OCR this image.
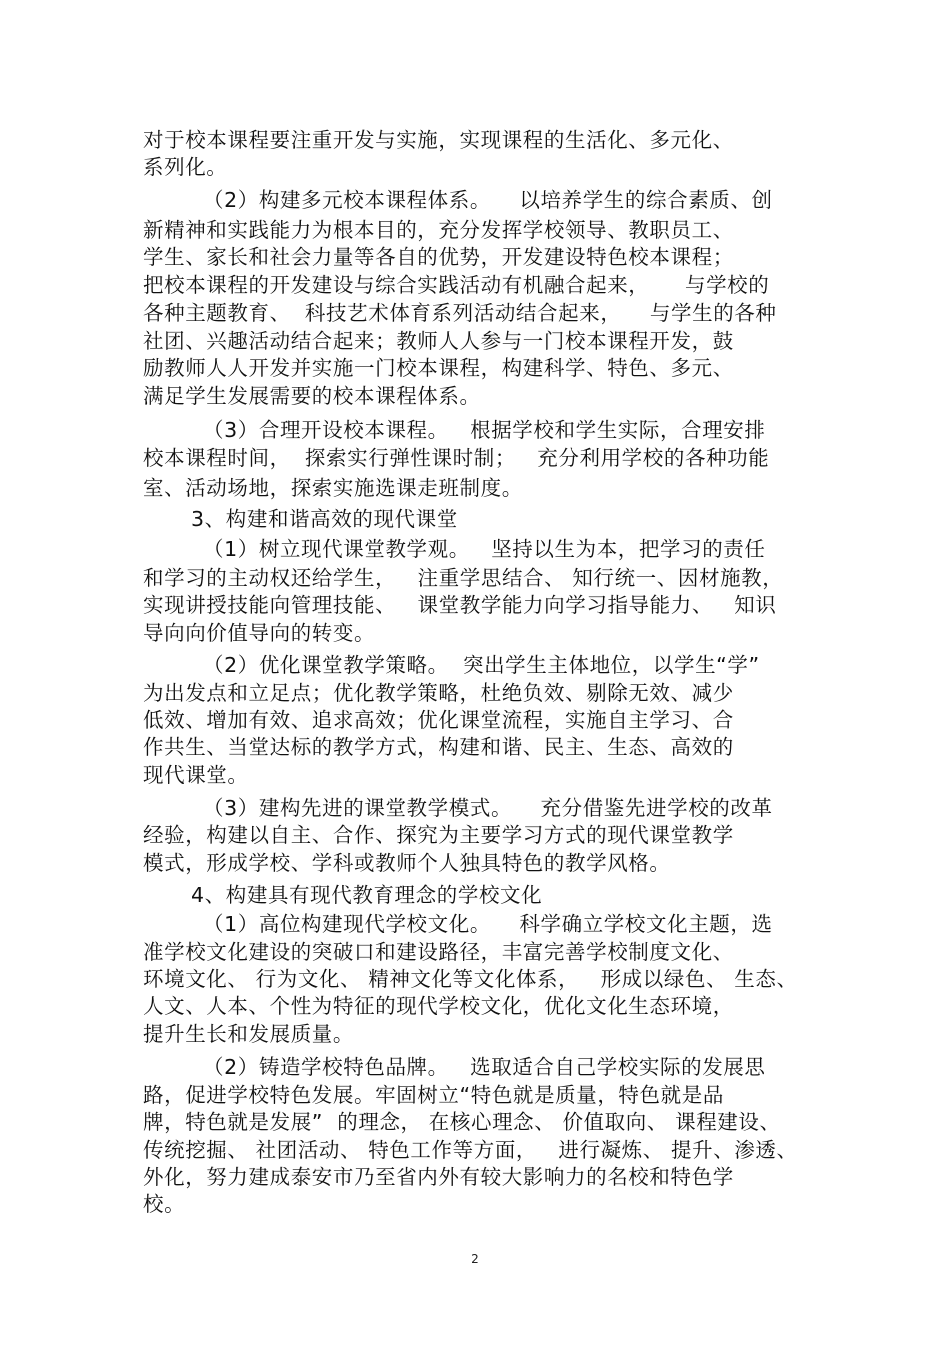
对于校本课程要注重开发与实施，实现课程的生活化、多元化、
系列化。
（2）构建多元校本课程体系。    以培养学生的综合素质、创
新精神和实践能力为根本目的，充分发挥学校领导、教职员工、
学生、家长和社会力量等各自的优势，开发建设特色校本课程；
把校本课程的开发建设与综合实践活动有机融合起来，     与学校的
各种主题教育、  科技艺术体育系列活动结合起来，    与学生的各种
社团、兴趣活动结合起来；教师人人参与一门校本课程开发，鼓
励教师人人开发并实施一门校本课程，构建科学、特色、多元、
满足学生发展需要的校本课程体系。
（3）合理开设校本课程。   根据学校和学生实际，合理安排
校本课程时间，  探索实行弹性课时制；   充分利用学校的各种功能
室、活动场地，探索实施选课走班制度。
3、构建和谐高效的现代课堂
（1）树立现代课堂教学观。   坚持以生为本，把学习的责任
和学习的主动权还给学生，   注重学思结合、 知行统一、因材施教，
实现讲授技能向管理技能、   课堂教学能力向学习指导能力、   知识
导向向价值导向的转变。
（2）优化课堂教学策略。  突出学生主体地位，以学生“学”
为出发点和立足点；优化教学策略，杜绝负效、剔除无效、减少
低效、增加有效、追求高效；优化课堂流程，实施自主学习、合
作共生、当堂达标的教学方式，构建和谐、民主、生态、高效的
现代课堂。
（3）建构先进的课堂教学模式。    充分借鉴先进学校的改革
经验，构建以自主、合作、探究为主要学习方式的现代课堂教学
模式，形成学校、学科或教师个人独具特色的教学风格。
4、构建具有现代教育理念的学校文化
（1）高位构建现代学校文化。    科学确立学校文化主题，选
准学校文化建设的突破口和建设路径，丰富完善学校制度文化、
环境文化、 行为文化、 精神文化等文化体系，   形成以绿色、 生态、
人文、人本、个性为特征的现代学校文化，优化文化生态环境，
提升生长和发展质量。
（2）铸造学校特色品牌。   选取适合自己学校实际的发展思
路，促进学校特色发展。牢固树立“特色就是质量，特色就是品
牌，特色就是发展”  的理念， 在核心理念、 价值取向、 课程建设、
传统挖掘、 社团活动、 特色工作等方面，   进行凝炼、 提升、渗透、
外化，努力建成泰安市乃至省内外有较大影响力的名校和特色学
校。
2
